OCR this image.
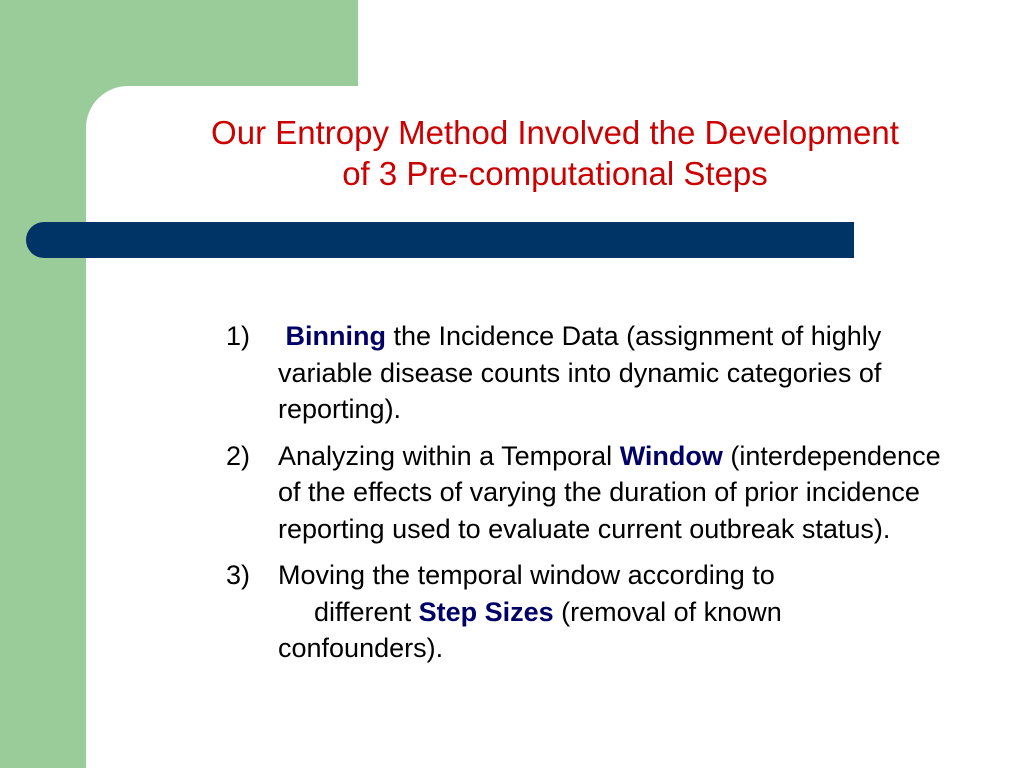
Our Entropy Method Involved the Development
of 3 Pre-computational Steps
1) Binning the Incidence Data (assignment of highly variable disease counts into dynamic categories of reporting).
2) Analyzing within a Temporal Window (interdependence of the effects of varying the duration of prior incidence reporting used to evaluate current outbreak status).
3) Moving the temporal window according to
different Step Sizes (removal of known confounders).
